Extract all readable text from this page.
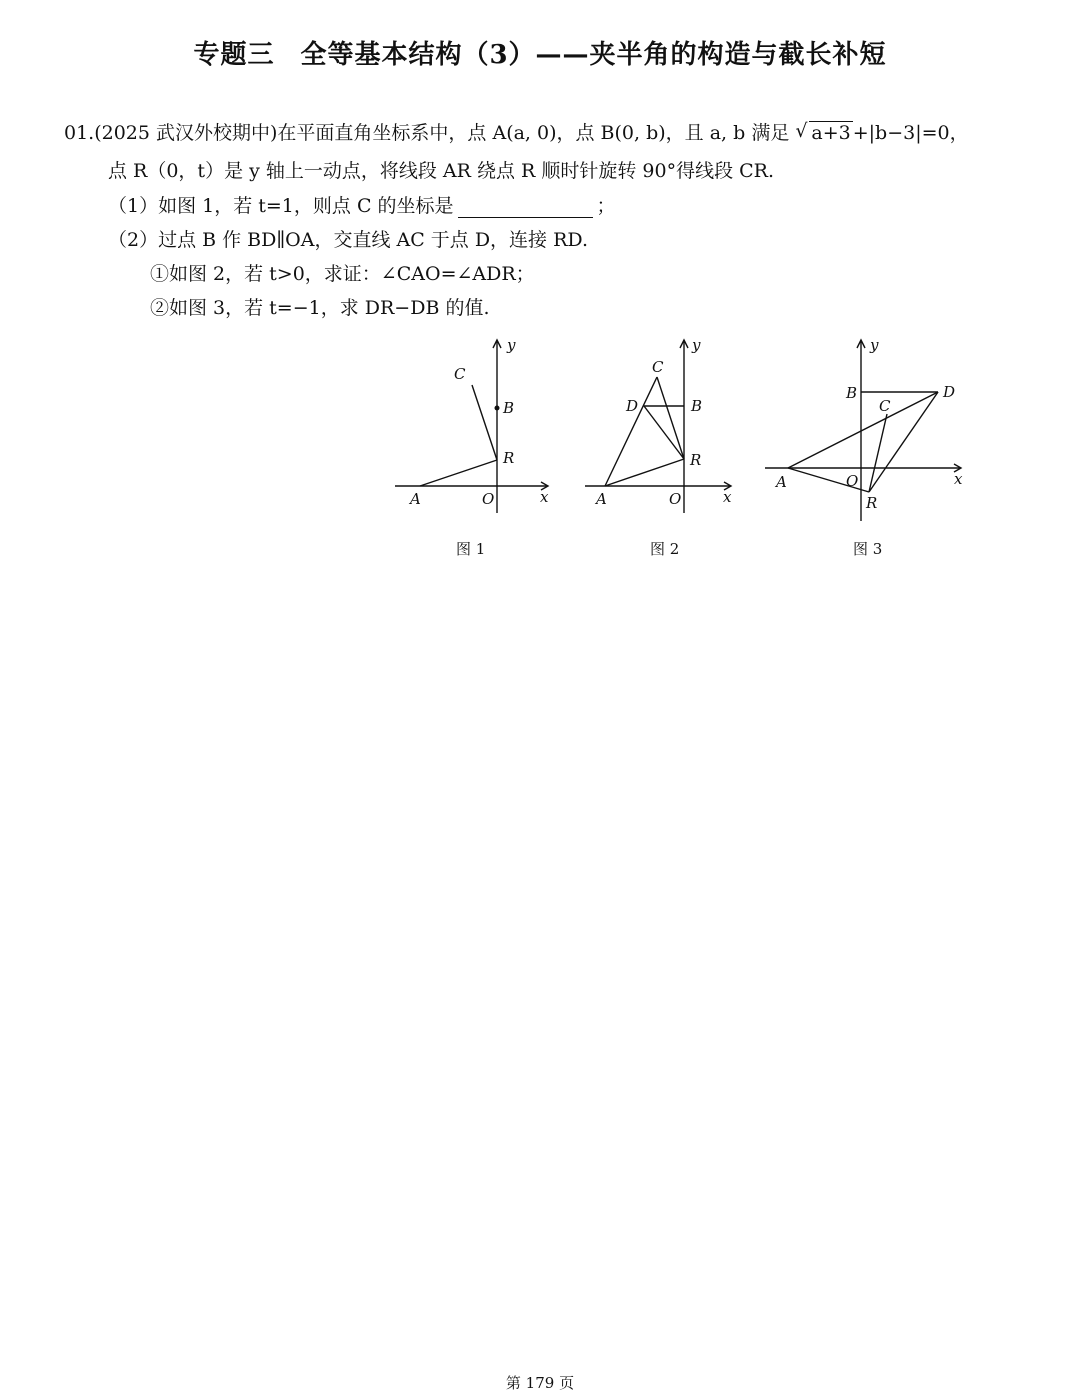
专题三 全等基本结构（3）——夹半角的构造与截长补短
01.(2025 武汉外校期中)在平面直角坐标系中，点 A(a, 0)，点 B(0, b)，且 a, b 满足 √ a+3 +|b−3|=0，
点 R（0，t）是 y 轴上一动点，将线段 AR 绕点 R 顺时针旋转 90°得线段 CR.
（1）如图 1，若 t=1，则点 C 的坐标是	；
（2）过点 B 作 BD∥OA，交直线 AC 于点 D，连接 RD.
①如图 2，若 t>0，求证：∠CAO=∠ADR；
②如图 3，若 t=−1，求 DR−DB 的值.
y
x
C
B
R
A	O
图 1
y
x
C
D	B
R
A	O
图 2
y
x
B	D
C
A	O
R
图 3
第 179 页
